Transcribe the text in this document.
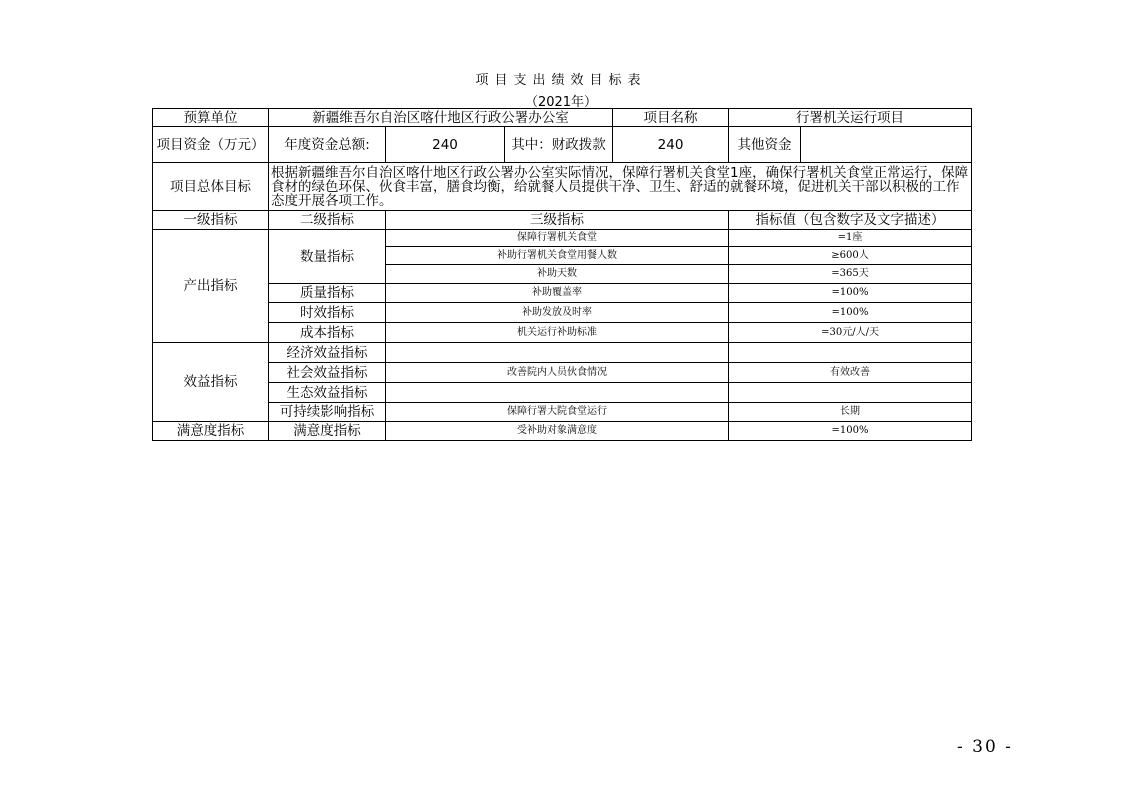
项目支出绩效目标表
（2021年）
预算单位	新疆维吾尔自治区喀什地区行政公署办公室			项目名称	行署机关运行项目	
项目资金（万元）	年度资金总额:	240	其中：财政拨款	240	其他资金	
项目总体目标	根据新疆维吾尔自治区喀什地区行政公署办公室实际情况，保障行署机关食堂1座，确保行署机关食堂正常运行，保障食材的绿色环保、伙食丰富，膳食均衡，给就餐人员提供干净、卫生、舒适的就餐环境，促进机关干部以积极的工作态度开展各项工作。					
一级指标	二级指标	三级指标			指标值（包含数字及文字描述）	
产出指标	数量指标	保障行署机关食堂			=1座	
		补助行署机关食堂用餐人数			≥600人	
		补助天数			=365天	
	质量指标	补助覆盖率			=100%	
	时效指标	补助发放及时率			=100%	
	成本指标	机关运行补助标准			=30元/人/天	
效益指标	经济效益指标					
	社会效益指标	改善院内人员伙食情况			有效改善	
	生态效益指标					
	可持续影响指标	保障行署大院食堂运行			长期	
满意度指标	满意度指标	受补助对象满意度			=100%	
- 30 -
